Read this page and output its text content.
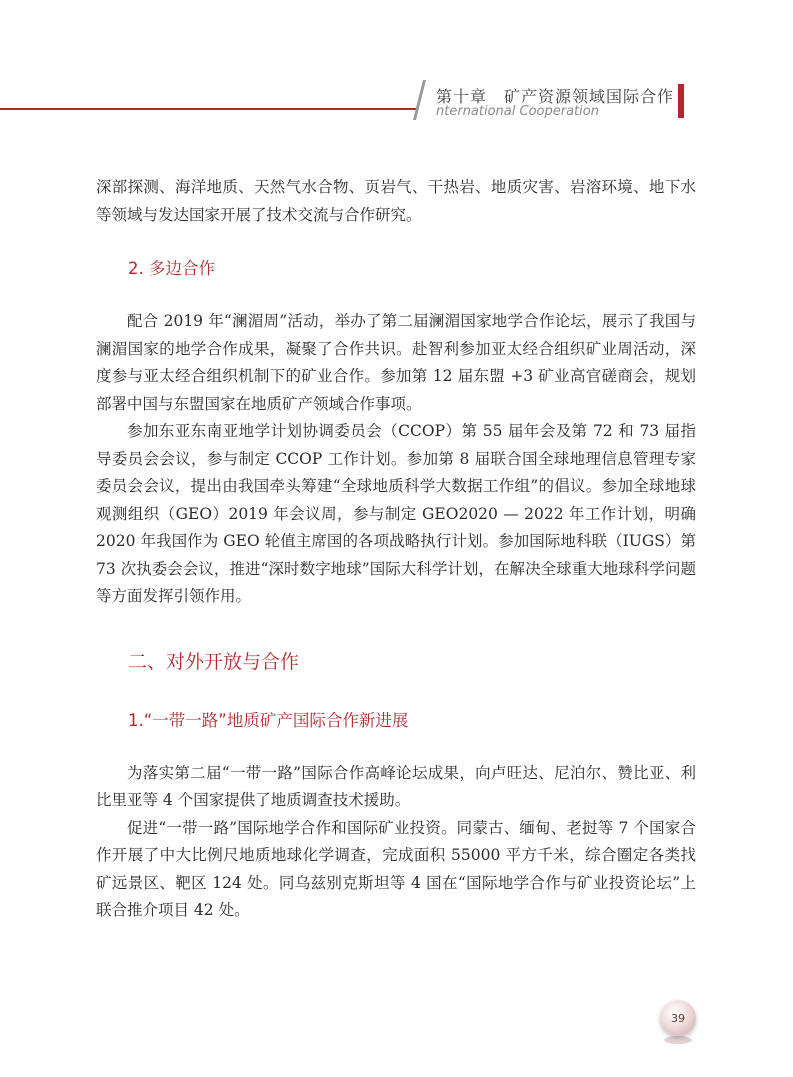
第十章　矿产资源领域国际合作
nternational Cooperation

深部探测、海洋地质、天然气水合物、页岩气、干热岩、地质灾害、岩溶环境、地下水等领域与发达国家开展了技术交流与合作研究。

2. 多边合作

配合 2019 年“澜湄周”活动，举办了第二届澜湄国家地学合作论坛，展示了我国与澜湄国家的地学合作成果，凝聚了合作共识。赴智利参加亚太经合组织矿业周活动，深度参与亚太经合组织机制下的矿业合作。参加第 12 届东盟 +3 矿业高官磋商会，规划部署中国与东盟国家在地质矿产领域合作事项。

参加东亚东南亚地学计划协调委员会（CCOP）第 55 届年会及第 72 和 73 届指导委员会会议，参与制定 CCOP 工作计划。参加第 8 届联合国全球地理信息管理专家委员会会议，提出由我国牵头筹建“全球地质科学大数据工作组”的倡议。参加全球地球观测组织（GEO）2019 年会议周，参与制定 GEO2020 — 2022 年工作计划，明确 2020 年我国作为 GEO 轮值主席国的各项战略执行计划。参加国际地科联（IUGS）第 73 次执委会会议，推进“深时数字地球”国际大科学计划，在解决全球重大地球科学问题等方面发挥引领作用。

二、对外开放与合作
1.“一带一路”地质矿产国际合作新进展

为落实第二届“一带一路”国际合作高峰论坛成果，向卢旺达、尼泊尔、赞比亚、利比里亚等 4 个国家提供了地质调查技术援助。

促进“一带一路”国际地学合作和国际矿业投资。同蒙古、缅甸、老挝等 7 个国家合作开展了中大比例尺地质地球化学调查，完成面积 55000 平方千米，综合圈定各类找矿远景区、靶区 124 处。同乌兹别克斯坦等 4 国在“国际地学合作与矿业投资论坛”上联合推介项目 42 处。

39
